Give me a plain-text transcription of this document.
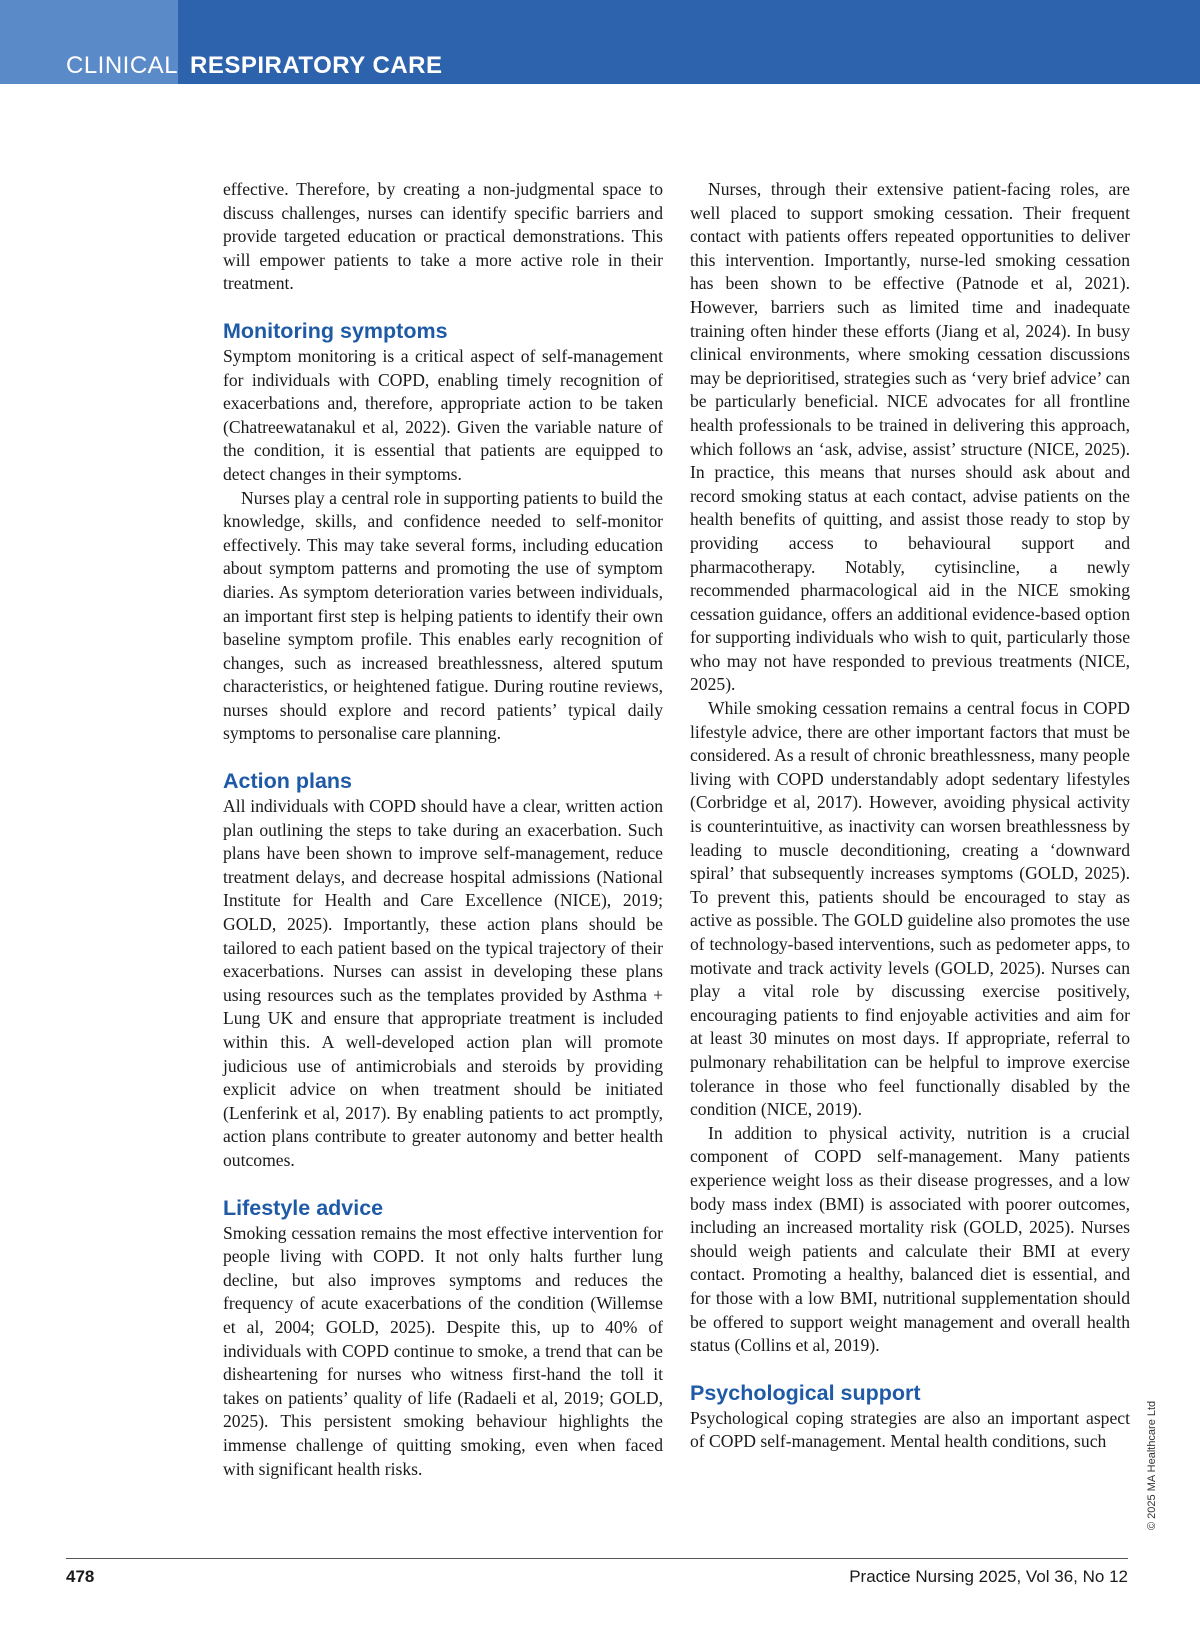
CLINICAL RESPIRATORY CARE

effective. Therefore, by creating a non-judgmental space to discuss challenges, nurses can identify specific barriers and provide targeted education or practical demonstrations. This will empower patients to take a more active role in their treatment.

Monitoring symptoms

Symptom monitoring is a critical aspect of self-management for individuals with COPD, enabling timely recognition of exacerbations and, therefore, appropriate action to be taken (Chatreewatanakul et al, 2022). Given the variable nature of the condition, it is essential that patients are equipped to detect changes in their symptoms.

Nurses play a central role in supporting patients to build the knowledge, skills, and confidence needed to self-monitor effectively. This may take several forms, including education about symptom patterns and promoting the use of symptom diaries. As symptom deterioration varies between individuals, an important first step is helping patients to identify their own baseline symptom profile. This enables early recognition of changes, such as increased breathlessness, altered sputum characteristics, or heightened fatigue. During routine reviews, nurses should explore and record patients’ typical daily symptoms to personalise care planning.

Action plans

All individuals with COPD should have a clear, written action plan outlining the steps to take during an exacerbation. Such plans have been shown to improve self-management, reduce treatment delays, and decrease hospital admissions (National Institute for Health and Care Excellence (NICE), 2019; GOLD, 2025). Importantly, these action plans should be tailored to each patient based on the typical trajectory of their exacerbations. Nurses can assist in developing these plans using resources such as the templates provided by Asthma + Lung UK and ensure that appropriate treatment is included within this. A well-developed action plan will promote judicious use of antimicrobials and steroids by providing explicit advice on when treatment should be initiated (Lenferink et al, 2017). By enabling patients to act promptly, action plans contribute to greater autonomy and better health outcomes.

Lifestyle advice

Smoking cessation remains the most effective intervention for people living with COPD. It not only halts further lung decline, but also improves symptoms and reduces the frequency of acute exacerbations of the condition (Willemse et al, 2004; GOLD, 2025). Despite this, up to 40% of individuals with COPD continue to smoke, a trend that can be disheartening for nurses who witness first-hand the toll it takes on patients’ quality of life (Radaeli et al, 2019; GOLD, 2025). This persistent smoking behaviour highlights the immense challenge of quitting smoking, even when faced with significant health risks.

Nurses, through their extensive patient-facing roles, are well placed to support smoking cessation. Their frequent contact with patients offers repeated opportunities to deliver this intervention. Importantly, nurse-led smoking cessation has been shown to be effective (Patnode et al, 2021). However, barriers such as limited time and inadequate training often hinder these efforts (Jiang et al, 2024). In busy clinical environments, where smoking cessation discussions may be deprioritised, strategies such as ‘very brief advice’ can be particularly beneficial. NICE advocates for all frontline health professionals to be trained in delivering this approach, which follows an ‘ask, advise, assist’ structure (NICE, 2025). In practice, this means that nurses should ask about and record smoking status at each contact, advise patients on the health benefits of quitting, and assist those ready to stop by providing access to behavioural support and pharmacotherapy. Notably, cytisincline, a newly recommended pharmacological aid in the NICE smoking cessation guidance, offers an additional evidence-based option for supporting individuals who wish to quit, particularly those who may not have responded to previous treatments (NICE, 2025).

While smoking cessation remains a central focus in COPD lifestyle advice, there are other important factors that must be considered. As a result of chronic breathlessness, many people living with COPD understandably adopt sedentary lifestyles (Corbridge et al, 2017). However, avoiding physical activity is counterintuitive, as inactivity can worsen breathlessness by leading to muscle deconditioning, creating a ‘downward spiral’ that subsequently increases symptoms (GOLD, 2025). To prevent this, patients should be encouraged to stay as active as possible. The GOLD guideline also promotes the use of technology-based interventions, such as pedometer apps, to motivate and track activity levels (GOLD, 2025). Nurses can play a vital role by discussing exercise positively, encouraging patients to find enjoyable activities and aim for at least 30 minutes on most days. If appropriate, referral to pulmonary rehabilitation can be helpful to improve exercise tolerance in those who feel functionally disabled by the condition (NICE, 2019).

In addition to physical activity, nutrition is a crucial component of COPD self-management. Many patients experience weight loss as their disease progresses, and a low body mass index (BMI) is associated with poorer outcomes, including an increased mortality risk (GOLD, 2025). Nurses should weigh patients and calculate their BMI at every contact. Promoting a healthy, balanced diet is essential, and for those with a low BMI, nutritional supplementation should be offered to support weight management and overall health status (Collins et al, 2019).

Psychological support

Psychological coping strategies are also an important aspect of COPD self-management. Mental health conditions, such	© 2025 MA Healthcare Ltd
478	Practice Nursing 2025, Vol 36, No 12
